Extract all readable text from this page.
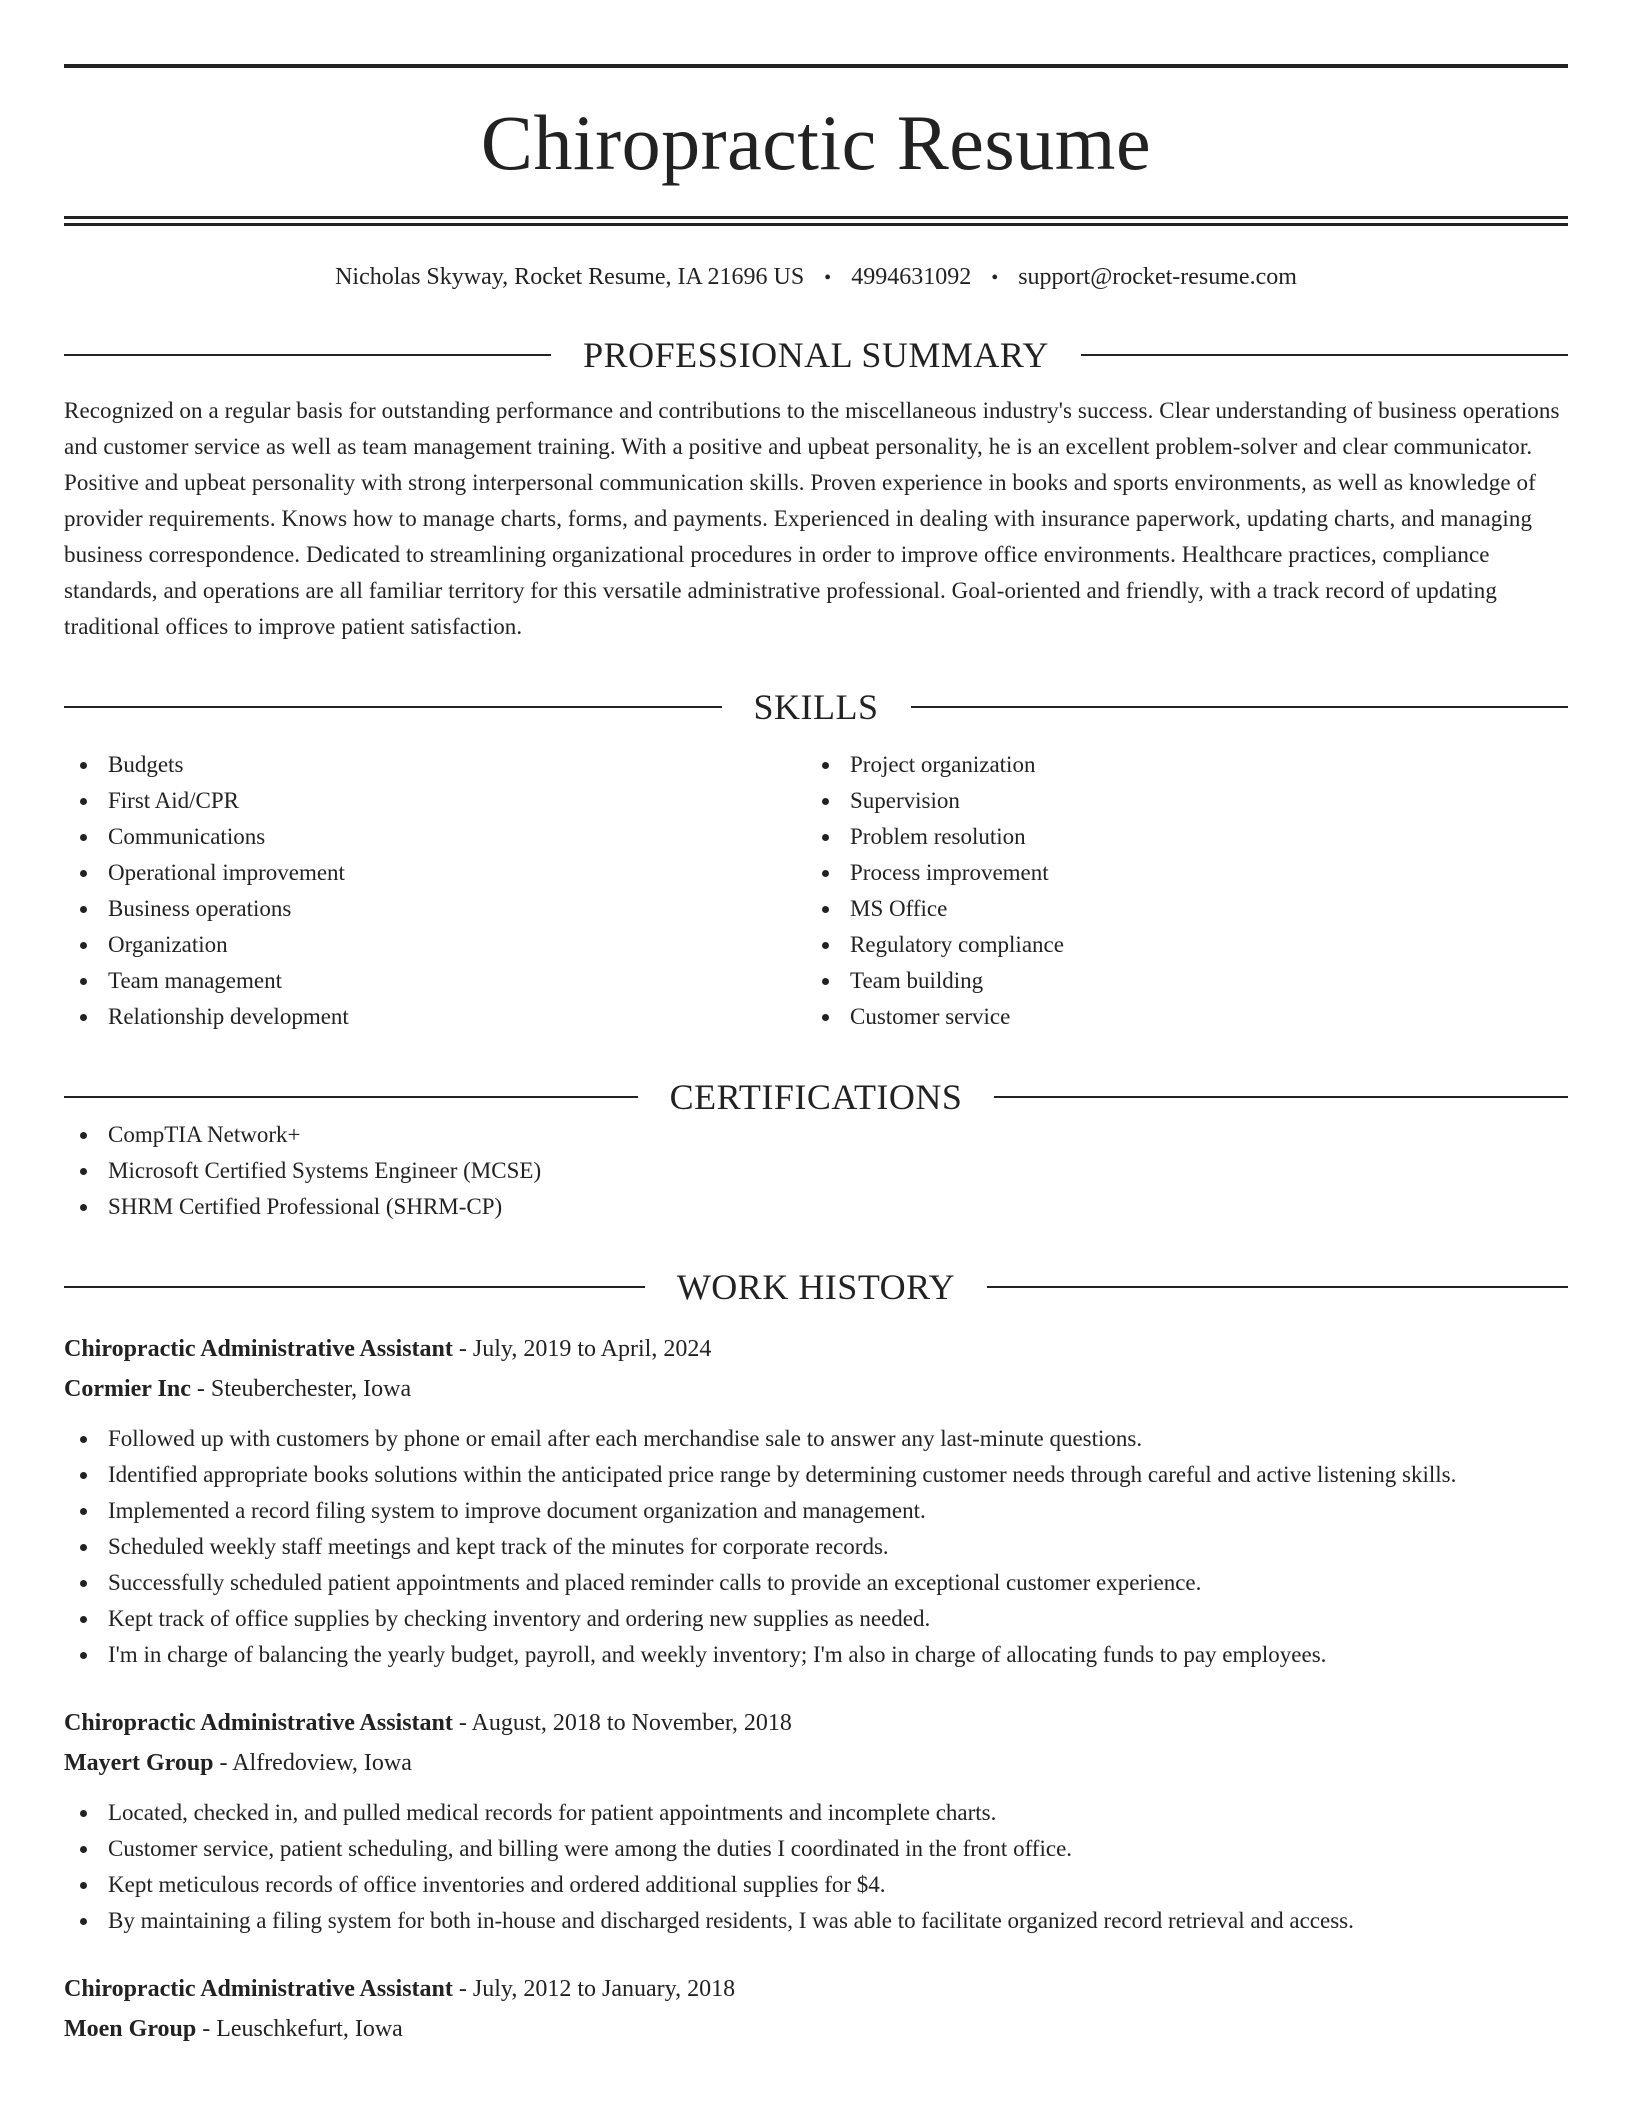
Chiropractic Resume
Nicholas Skyway, Rocket Resume, IA 21696 US • 4994631092 • support@rocket-resume.com
PROFESSIONAL SUMMARY
Recognized on a regular basis for outstanding performance and contributions to the miscellaneous industry's success. Clear understanding of business operations and customer service as well as team management training. With a positive and upbeat personality, he is an excellent problem-solver and clear communicator. Positive and upbeat personality with strong interpersonal communication skills. Proven experience in books and sports environments, as well as knowledge of provider requirements. Knows how to manage charts, forms, and payments. Experienced in dealing with insurance paperwork, updating charts, and managing business correspondence. Dedicated to streamlining organizational procedures in order to improve office environments. Healthcare practices, compliance standards, and operations are all familiar territory for this versatile administrative professional. Goal-oriented and friendly, with a track record of updating traditional offices to improve patient satisfaction.
SKILLS
Budgets
First Aid/CPR
Communications
Operational improvement
Business operations
Organization
Team management
Relationship development
Project organization
Supervision
Problem resolution
Process improvement
MS Office
Regulatory compliance
Team building
Customer service
CERTIFICATIONS
CompTIA Network+
Microsoft Certified Systems Engineer (MCSE)
SHRM Certified Professional (SHRM-CP)
WORK HISTORY
Chiropractic Administrative Assistant - July, 2019 to April, 2024
Cormier Inc - Steuberchester, Iowa
Followed up with customers by phone or email after each merchandise sale to answer any last-minute questions.
Identified appropriate books solutions within the anticipated price range by determining customer needs through careful and active listening skills.
Implemented a record filing system to improve document organization and management.
Scheduled weekly staff meetings and kept track of the minutes for corporate records.
Successfully scheduled patient appointments and placed reminder calls to provide an exceptional customer experience.
Kept track of office supplies by checking inventory and ordering new supplies as needed.
I'm in charge of balancing the yearly budget, payroll, and weekly inventory; I'm also in charge of allocating funds to pay employees.
Chiropractic Administrative Assistant - August, 2018 to November, 2018
Mayert Group - Alfredoview, Iowa
Located, checked in, and pulled medical records for patient appointments and incomplete charts.
Customer service, patient scheduling, and billing were among the duties I coordinated in the front office.
Kept meticulous records of office inventories and ordered additional supplies for $4.
By maintaining a filing system for both in-house and discharged residents, I was able to facilitate organized record retrieval and access.
Chiropractic Administrative Assistant - July, 2012 to January, 2018
Moen Group - Leuschkefurt, Iowa
